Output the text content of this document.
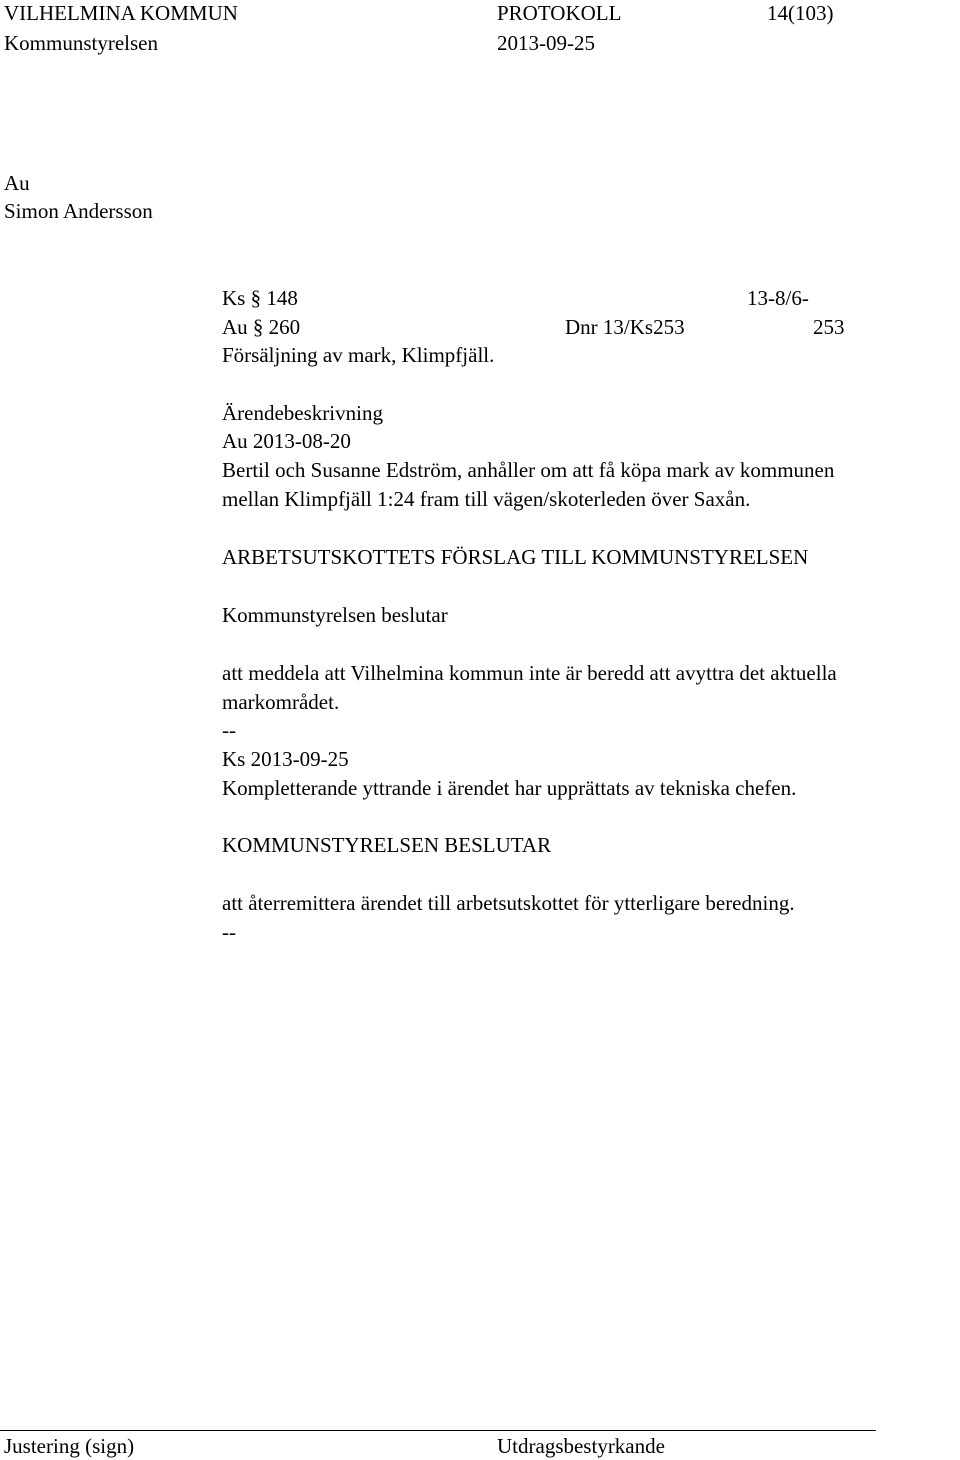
VILHELMINA KOMMUN	PROTOKOLL	14(103)
Kommunstyrelsen	2013-09-25
Au
Simon Andersson
Ks § 148	13-8/6-
Au § 260	Dnr 13/Ks253	253
Försäljning av mark, Klimpfjäll.
Ärendebeskrivning
Au 2013-08-20
Bertil och Susanne Edström, anhåller om att få köpa mark av kommunen
mellan Klimpfjäll 1:24 fram till vägen/skoterleden över Saxån.
ARBETSUTSKOTTETS FÖRSLAG TILL KOMMUNSTYRELSEN
Kommunstyrelsen beslutar
att meddela att Vilhelmina kommun inte är beredd att avyttra det aktuella
markområdet.
--
Ks 2013-09-25
Kompletterande yttrande i ärendet har upprättats av tekniska chefen.
KOMMUNSTYRELSEN BESLUTAR
att återremittera ärendet till arbetsutskottet för ytterligare beredning.
--
Justering (sign)	Utdragsbestyrkande
